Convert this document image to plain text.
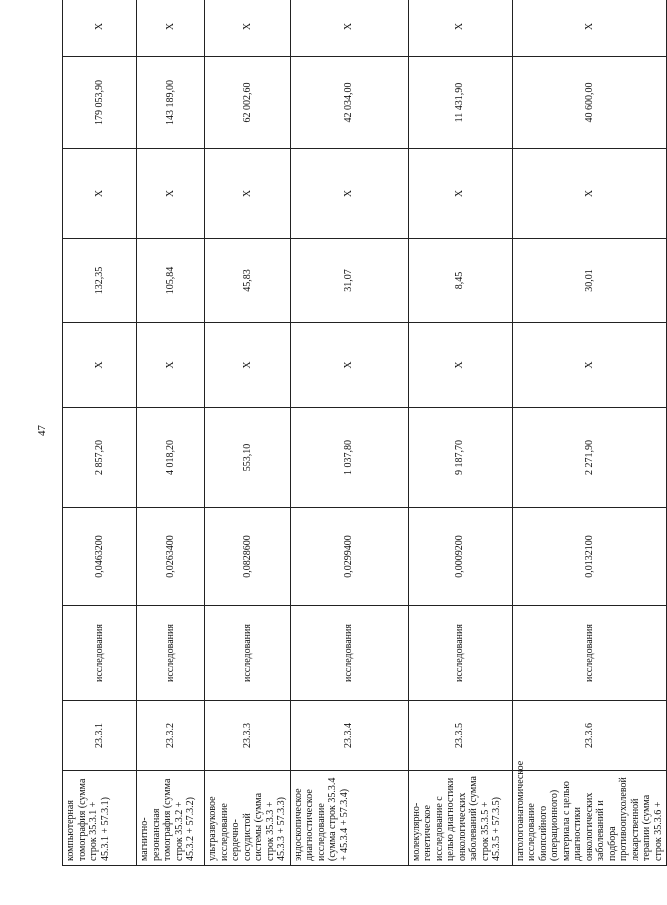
47
компьютерная томография (сумма строк 35.3.1 + 45.3.1 + 57.3.1)	23.3.1	исследования	0,0463200	2 857,20	X	132,35	X	179 053,90	X	
магнитно-резонансная томография (сумма строк 35.3.2 + 45.3.2 + 57.3.2)	23.3.2	исследования	0,0263400	4 018,20	X	105,84	X	143 189,00	X	
ультразвуковое исследование сердечно-сосудистой системы (сумма строк 35.3.3 + 45.3.3 + 57.3.3)	23.3.3	исследования	0,0828600	553,10	X	45,83	X	62 002,60	X	
эндоскопическое диагностическое исследование (сумма строк 35.3.4 + 45.3.4 + 57.3.4)	23.3.4	исследования	0,0299400	1 037,80	X	31,07	X	42 034,00	X	
молекулярно-генетическое исследование с целью диагностики онкологических заболеваний (сумма строк 35.3.5 + 45.3.5 + 57.3.5)	23.3.5	исследования	0,0009200	9 187,70	X	8,45	X	11 431,90	X	
патологоанатомическое исследование биопсийного (операционного) материала с целью диагностики онкологических заболеваний и подбора противоопухолевой лекарственной терапии (сумма строк 35.3.6 +	23.3.6	исследования	0,0132100	2 271,90	X	30,01	X	40 600,00	X	
